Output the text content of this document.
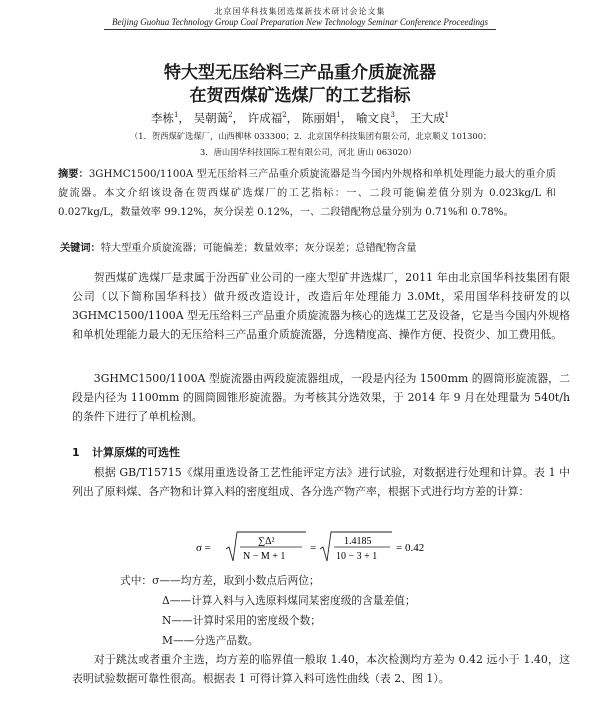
北京国华科技集团选煤新技术研讨会论文集
Beijing Guohua Technology Group Coal Preparation New Technology Seminar Conference Proceedings
特大型无压给料三产品重介质旋流器
在贺西煤矿选煤厂的工艺指标
李栋$^1$， 吴朝蔼$^2$， 许成福$^2$， 陈丽娟$^1$， 喻文良$^3$， 王大成$^1$
（1．贺西煤矿选煤厂，山西柳林 033300；2．北京国华科技集团有限公司，北京顺义 101300；
3．唐山国华科技国际工程有限公司，河北 唐山 063020）
摘要：3GHMC1500/1100A 型无压给料三产品重介质旋流器是当今国内外规格和单机处理能力最大的重介质旋流器。本文介绍该设备在贺西煤矿选煤厂的工艺指标：一、二段可能偏差值分别为 0.023kg/L 和 0.027kg/L，数量效率 99.12%，灰分误差 0.12%，一、二段错配物总量分别为 0.71%和 0.78%。
关键词：特大型重介质旋流器；可能偏差；数量效率；灰分误差；总错配物含量
贺西煤矿选煤厂是隶属于汾西矿业公司的一座大型矿井选煤厂，2011 年由北京国华科技集团有限公司（以下简称国华科技）做升级改造设计，改造后年处理能力 3.0Mt，采用国华科技研发的以 3GHMC1500/1100A 型无压给料三产品重介质旋流器为核心的选煤工艺及设备，它是当今国内外规格和单机处理能力最大的无压给料三产品重介质旋流器，分选精度高、操作方便、投资少、加工费用低。
3GHMC1500/1100A 型旋流器由两段旋流器组成，一段是内径为 1500mm 的圆筒形旋流器，二段是内径为 1100mm 的圆筒圆锥形旋流器。为考核其分选效果，于 2014 年 9 月在处理量为 540t/h 的条件下进行了单机检测。
1 计算原煤的可选性
根据 GB/T15715《煤用重选设备工艺性能评定方法》进行试验，对数据进行处理和计算。表 1 中列出了原料煤、各产物和计算入料的密度组成、各分选产物产率，根据下式进行均方差的计算：
σ =
∑Δ²
N − M + 1
=
1.4185
10 − 3 + 1
= 0.42
式中：σ——均方差，取到小数点后两位；
Δ——计算入料与入选原料煤同某密度级的含量差值；
N——计算时采用的密度级个数；
M——分选产品数。
对于跳汰或者重介主选，均方差的临界值一般取 1.40，本次检测均方差为 0.42 远小于 1.40，这表明试验数据可靠性很高。根据表 1 可得计算入料可选性曲线（表 2、图 1）。
